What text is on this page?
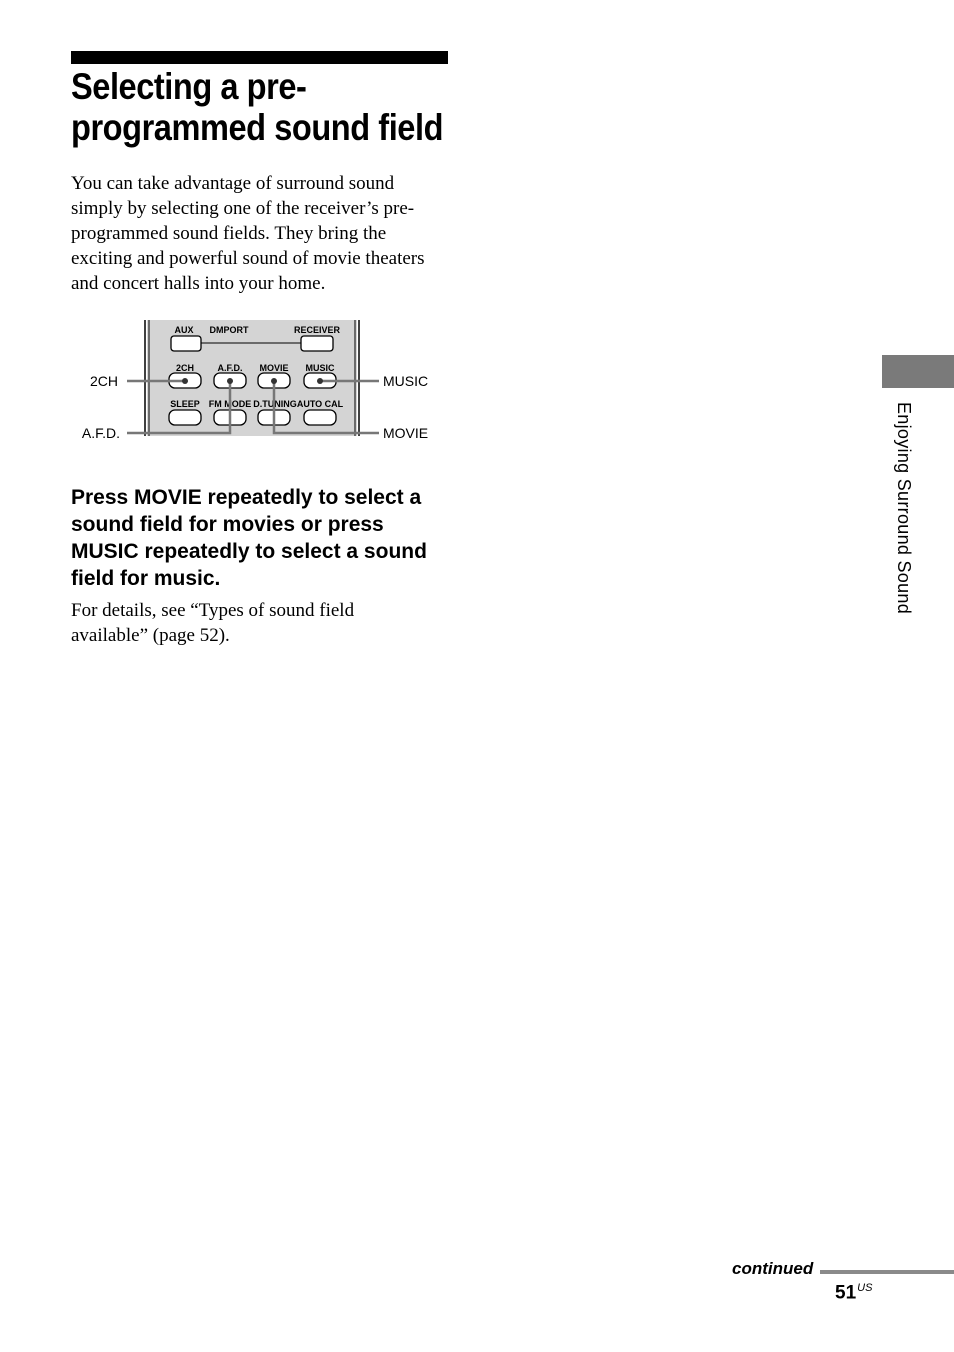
Selecting a pre-
programmed sound field
You can take advantage of surround sound
simply by selecting one of the receiver’s pre-
programmed sound fields. They bring the
exciting and powerful sound of movie theaters
and concert halls into your home.
AUX DMPORT	RECEIVER
2CH	A.F.D. MOVIE MUSIC
SLEEP FM MODE D.TUNING AUTO CAL
2CH
A.F.D.
MUSIC
MOVIE
Press MOVIE repeatedly to select a
sound field for movies or press
MUSIC repeatedly to select a sound
field for music.
For details, see “Types of sound field
available” (page 52).
Enjoying Surround Sound
continued
$51^{US}$
